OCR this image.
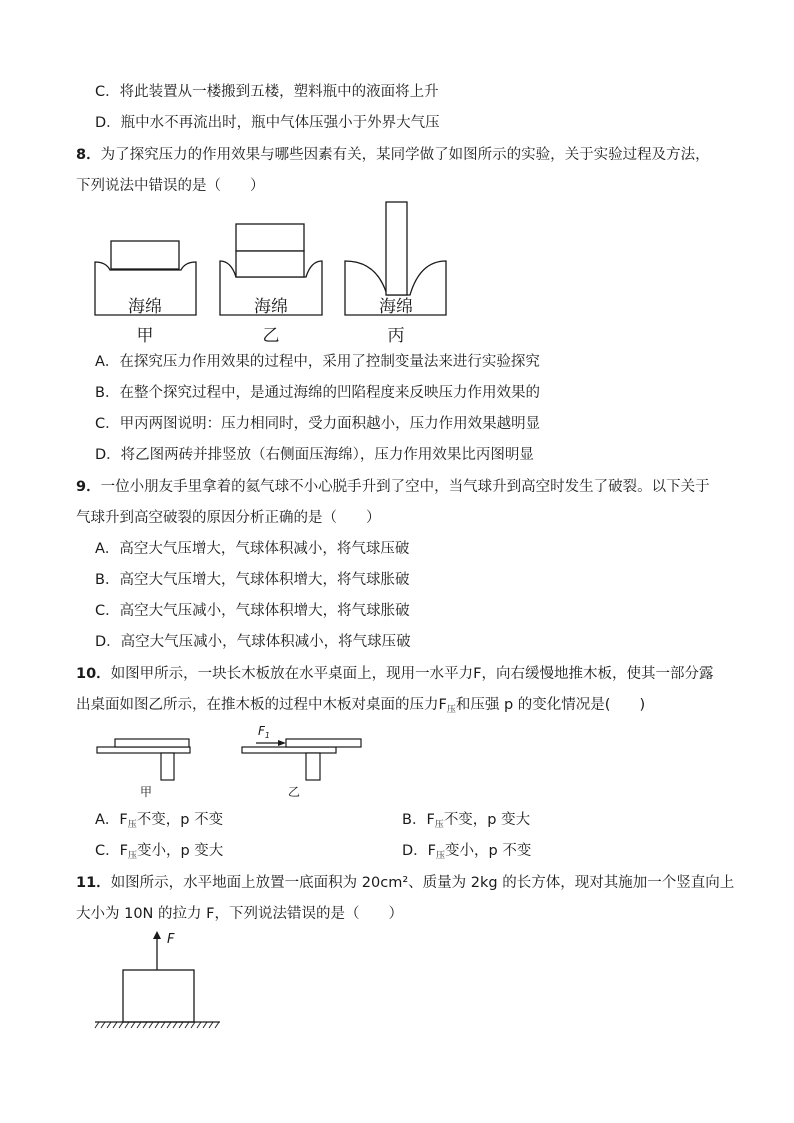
C．将此装置从一楼搬到五楼，塑料瓶中的液面将上升
D．瓶中水不再流出时，瓶中气体压强小于外界大气压
8．为了探究压力的作用效果与哪些因素有关，某同学做了如图所示的实验，关于实验过程及方法，
下列说法中错误的是（　　）
海绵	海绵	海绵
甲	乙	丙
A．在探究压力作用效果的过程中，采用了控制变量法来进行实验探究
B．在整个探究过程中，是通过海绵的凹陷程度来反映压力作用效果的
C．甲丙两图说明：压力相同时，受力面积越小，压力作用效果越明显
D．将乙图两砖并排竖放（右侧面压海绵），压力作用效果比丙图明显
9．一位小朋友手里拿着的氦气球不小心脱手升到了空中，当气球升到高空时发生了破裂。以下关于
气球升到高空破裂的原因分析正确的是（　　）
A．高空大气压增大，气球体积减小，将气球压破
B．高空大气压增大，气球体积增大，将气球胀破
C．高空大气压减小，气球体积增大，将气球胀破
D．高空大气压减小，气球体积减小，将气球压破
10．如图甲所示，一块长木板放在水平桌面上，现用一水平力F，向右缓慢地推木板，使其一部分露
出桌面如图乙所示，在推木板的过程中木板对桌面的压力$F_压$和压强 p 的变化情况是(　　)
$F_1$
甲	乙
A．$F_压$不变，p 不变	B．$F_压$不变，p 变大
C．$F_压$变小，p 变大	D．$F_压$变小，p 不变
11．如图所示，水平地面上放置一底面积为 20cm²、质量为 2kg 的长方体，现对其施加一个竖直向上
大小为 10N 的拉力 F，下列说法错误的是（　　）
F
